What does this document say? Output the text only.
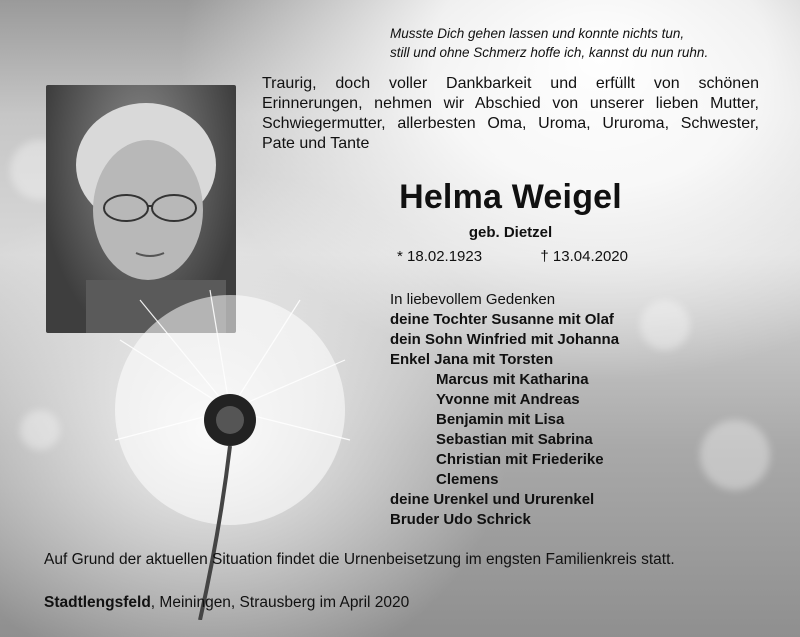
Musste Dich gehen lassen und konnte nichts tun,
still und ohne Schmerz hoffe ich, kannst du nun ruhn.
Traurig, doch voller Dankbarkeit und erfüllt von schönen Erinnerungen, nehmen wir Abschied von unserer lieben Mutter, Schwiegermutter, allerbesten Oma, Uroma, Ururoma, Schwester, Pate und Tante
Helma Weigel
geb. Dietzel
* 18.02.1923	† 13.04.2020
In liebevollem Gedenken
deine Tochter Susanne mit Olaf
dein Sohn Winfried mit Johanna
Enkel Jana mit Torsten
Marcus mit Katharina
Yvonne mit Andreas
Benjamin mit Lisa
Sebastian mit Sabrina
Christian mit Friederike
Clemens
deine Urenkel und Ururenkel
Bruder Udo Schrick
Auf Grund der aktuellen Situation findet die Urnenbeisetzung im engsten Familienkreis statt.
Stadtlengsfeld, Meiningen, Strausberg im April 2020
